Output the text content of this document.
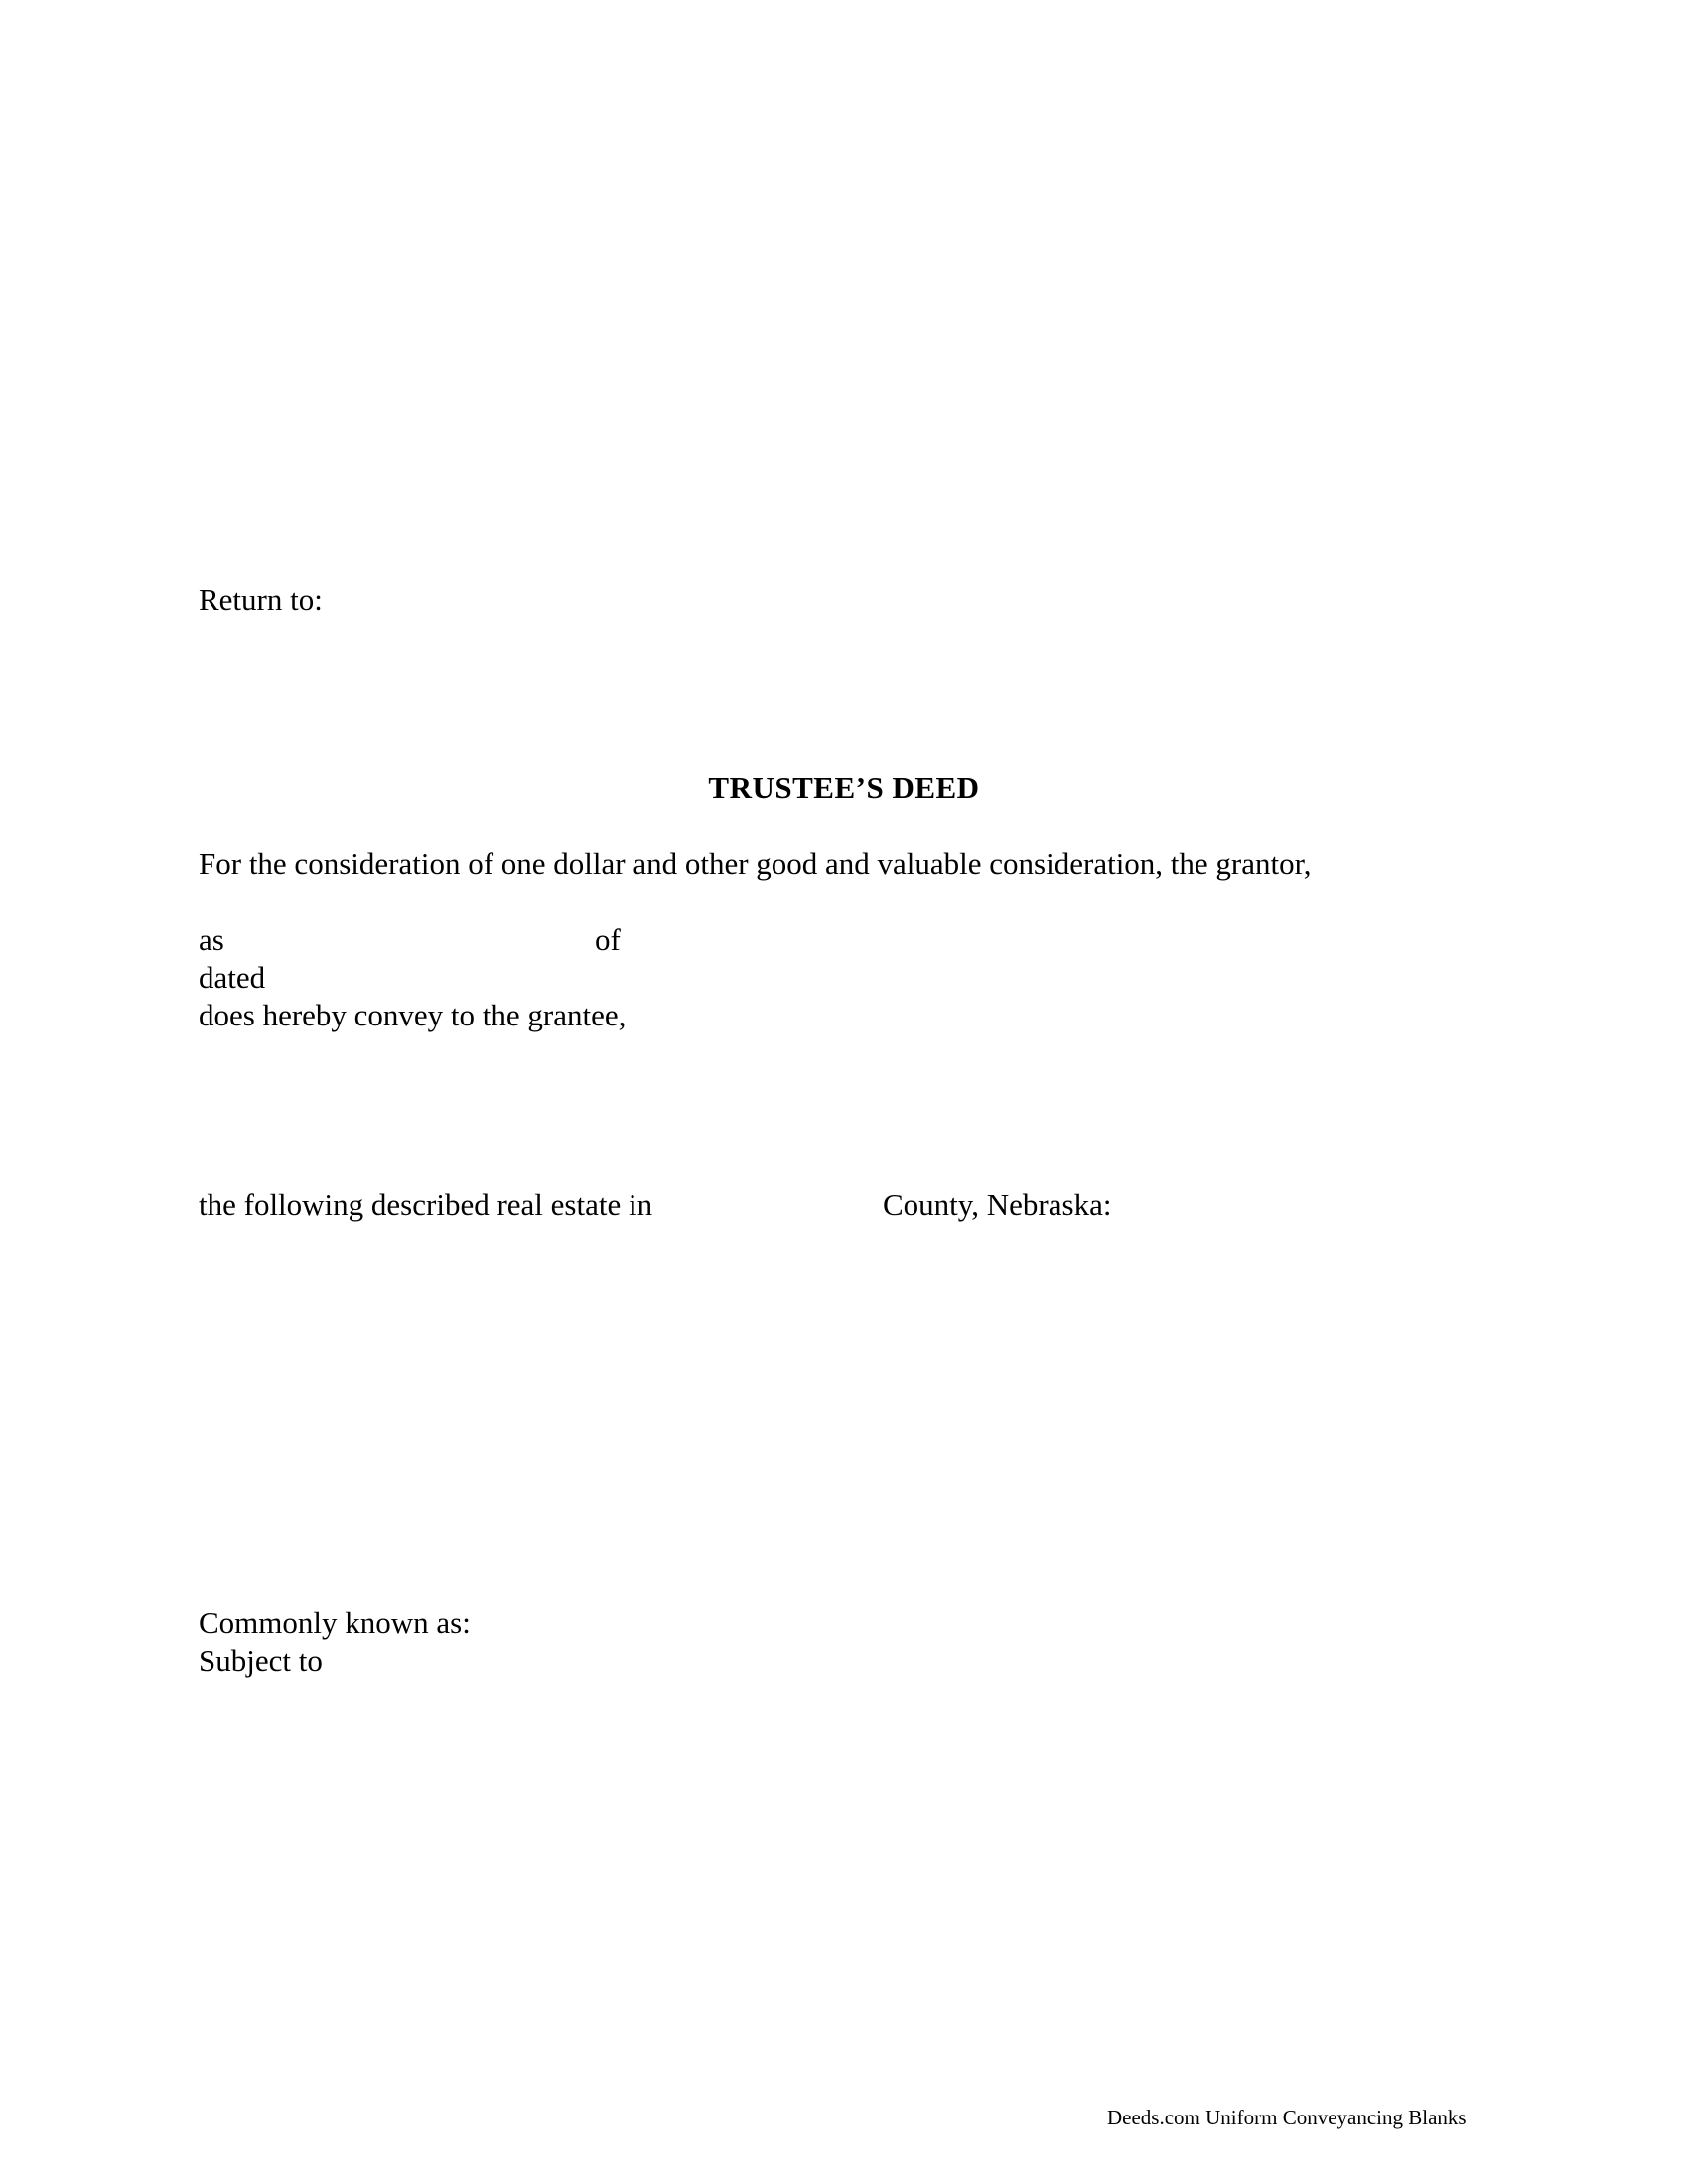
Return to:
TRUSTEE’S DEED
For the consideration of one dollar and other good and valuable consideration, the grantor,
as	of
dated
does hereby convey to the grantee,
the following described real estate in	County, Nebraska:
Commonly known as:
Subject to
Deeds.com Uniform Conveyancing Blanks
